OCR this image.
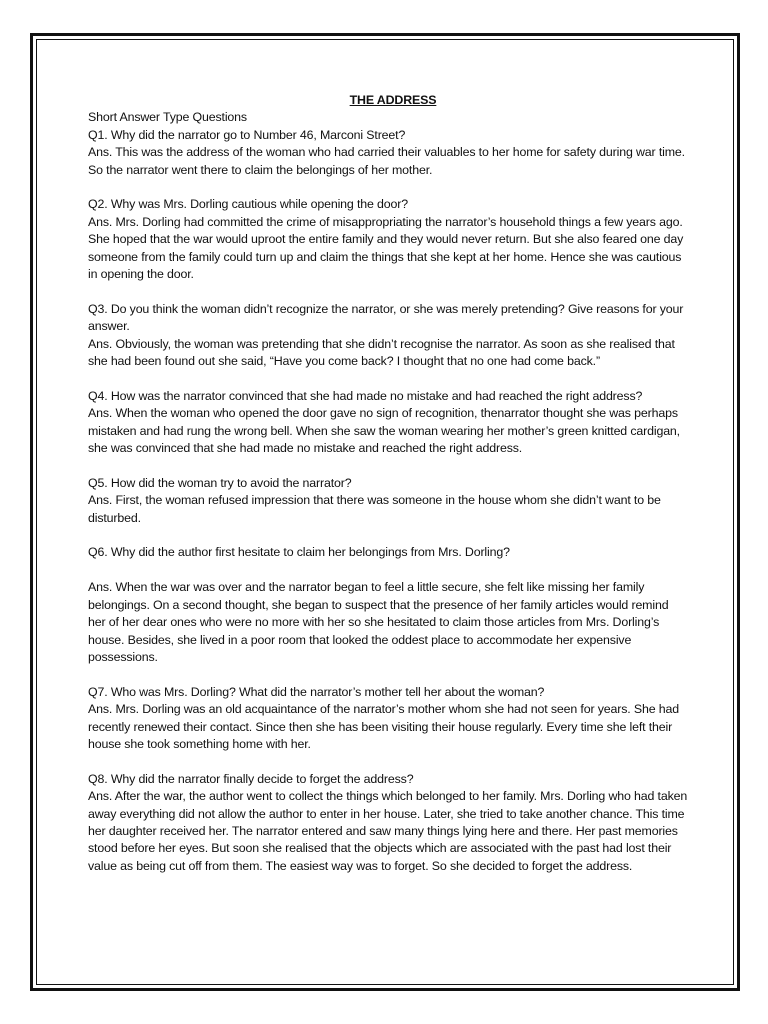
THE ADDRESS

Short Answer Type Questions

Q1. Why did the narrator go to Number 46, Marconi Street?

Ans. This was the address of the woman who had carried their valuables to her home for safety during war time. So the narrator went there to claim the belongings of her mother.

Q2. Why was Mrs. Dorling cautious while opening the door?

Ans. Mrs. Dorling had committed the crime of misappropriating the narrator’s household things a few years ago. She hoped that the war would uproot the entire family and they would never return. But she also feared one day someone from the family could turn up and claim the things that she kept at her home. Hence she was cautious in opening the door.

Q3. Do you think the woman didn’t recognize the narrator, or she was merely pretending? Give reasons for your answer.

Ans. Obviously, the woman was pretending that she didn’t recognise the narrator. As soon as she realised that she had been found out she said, “Have you come back? I thought that no one had come back.”

Q4. How was the narrator convinced that she had made no mistake and had reached the right address?

Ans. When the woman who opened the door gave no sign of recognition, thenarrator thought she was perhaps mistaken and had rung the wrong bell. When she saw the woman wearing her mother’s green knitted cardigan, she was convinced that she had made no mistake and reached the right address.

Q5. How did the woman try to avoid the narrator?

Ans. First, the woman refused impression that there was someone in the house whom she didn’t want to be disturbed.

Q6. Why did the author first hesitate to claim her belongings from Mrs. Dorling?

Ans. When the war was over and the narrator began to feel a little secure, she felt like missing her family belongings. On a second thought, she began to suspect that the presence of her family articles would remind her of her dear ones who were no more with her so she hesitated to claim those articles from Mrs. Dorling’s house. Besides, she lived in a poor room that looked the oddest place to accommodate her expensive possessions.

Q7. Who was Mrs. Dorling? What did the narrator’s mother tell her about the woman?

Ans. Mrs. Dorling was an old acquaintance of the narrator’s mother whom she had not seen for years. She had recently renewed their contact. Since then she has been visiting their house regularly. Every time she left their house she took something home with her.

Q8. Why did the narrator finally decide to forget the address?

Ans. After the war, the author went to collect the things which belonged to her family. Mrs. Dorling who had taken away everything did not allow the author to enter in her house. Later, she tried to take another chance. This time her daughter received her. The narrator entered and saw many things lying here and there. Her past memories stood before her eyes. But soon she realised that the objects which are associated with the past had lost their value as being cut off from them. The easiest way was to forget. So she decided to forget the address.
